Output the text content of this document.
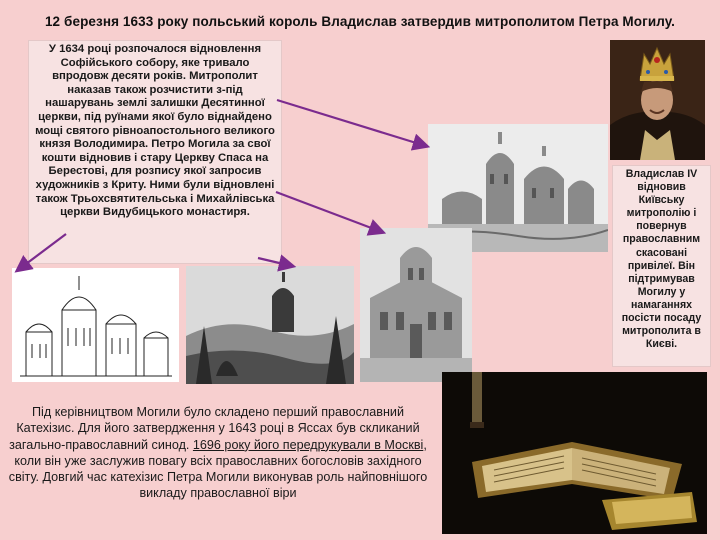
12 березня 1633 року польський король Владислав затвердив митрополитом Петра Могилу.

У 1634 році розпочалося відновлення Софійського собору, яке тривало впродовж десяти років. Митрополит наказав також розчистити з-під нашарувань землі залишки Десятинної церкви, під руїнами якої було віднайдено мощі святого рівноапостольного великого князя Володимира. Петро Могила за свої кошти відновив і стару Церкву Спаса на Берестові, для розпису якої запросив художників з Криту. Ними були відновлені також Трьохсвятительська і Михайлівська церкви Видубицького монастиря.

Владислав IV відновив Київську митрополію і повернув православним скасовані привілеї. Він підтримував Могилу у намаганнях посісти посаду митрополита в Києві.

Під керівництвом Могили було складено перший православний Катехізис. Для його затвердження у 1643 році в Яссах був скликаний загально-православний синод. 1696 року його передрукували в Москві, коли він уже заслужив повагу всіх православних богословів західного світу. Довгий час катехізис Петра Могили виконував роль найповнішого викладу православної віри
